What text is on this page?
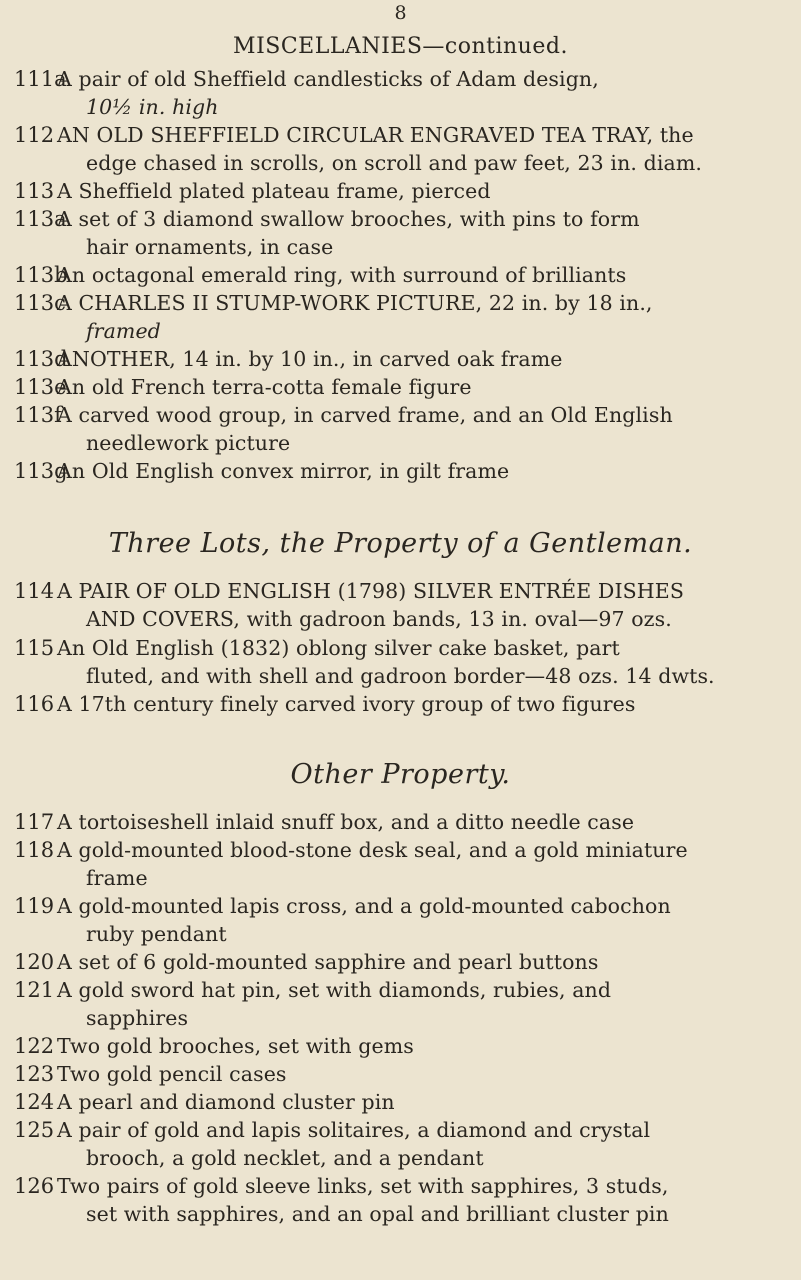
8
MISCELLANIES—continued.
111a
A pair of old Sheffield candlesticks of Adam design,
10½ in. high
112 AN OLD SHEFFIELD CIRCULAR ENGRAVED TEA TRAY, the
edge chased in scrolls, on scroll and paw feet, 23 in. diam.
113 A Sheffield plated plateau frame, pierced
113a
A set of 3 diamond swallow brooches, with pins to form
hair ornaments, in case
113b
An octagonal emerald ring, with surround of brilliants
113c
A CHARLES II STUMP-WORK PICTURE, 22 in. by 18 in.,
framed
113d
ANOTHER, 14 in. by 10 in., in carved oak frame
113e
An old French terra-cotta female figure
113f
A carved wood group, in carved frame, and an Old English
needlework picture
113g
An Old English convex mirror, in gilt frame
Three Lots, the Property of a Gentleman.
114 A PAIR OF OLD ENGLISH (1798) SILVER ENTRÉE DISHES
AND COVERS, with gadroon bands, 13 in. oval—97 ozs.
115 An Old English (1832) oblong silver cake basket, part
fluted, and with shell and gadroon border—48 ozs. 14 dwts.
116 A 17th century finely carved ivory group of two figures
Other Property.
117 A tortoiseshell inlaid snuff box, and a ditto needle case
118 A gold-mounted blood-stone desk seal, and a gold miniature
frame
119 A gold-mounted lapis cross, and a gold-mounted cabochon
ruby pendant
120 A set of 6 gold-mounted sapphire and pearl buttons
121 A gold sword hat pin, set with diamonds, rubies, and
sapphires
122 Two gold brooches, set with gems
123 Two gold pencil cases
124 A pearl and diamond cluster pin
125 A pair of gold and lapis solitaires, a diamond and crystal
brooch, a gold necklet, and a pendant
126 Two pairs of gold sleeve links, set with sapphires, 3 studs,
set with sapphires, and an opal and brilliant cluster pin
